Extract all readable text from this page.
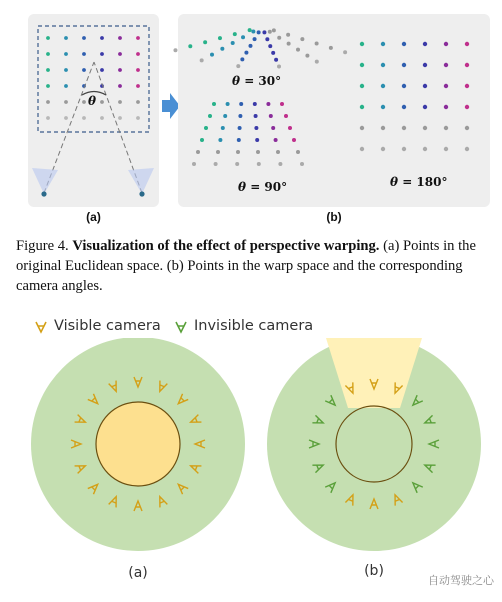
θ
θ = 30°
θ = 90°	θ = 180°
(a)	(b)
Figure 4. Visualization of the effect of perspective warping. (a) Points in the original Euclidean space. (b) Points in the warp space and the corresponding camera angles.
Visible camera Invisible camera
(a)	(b)
自动驾驶之心
